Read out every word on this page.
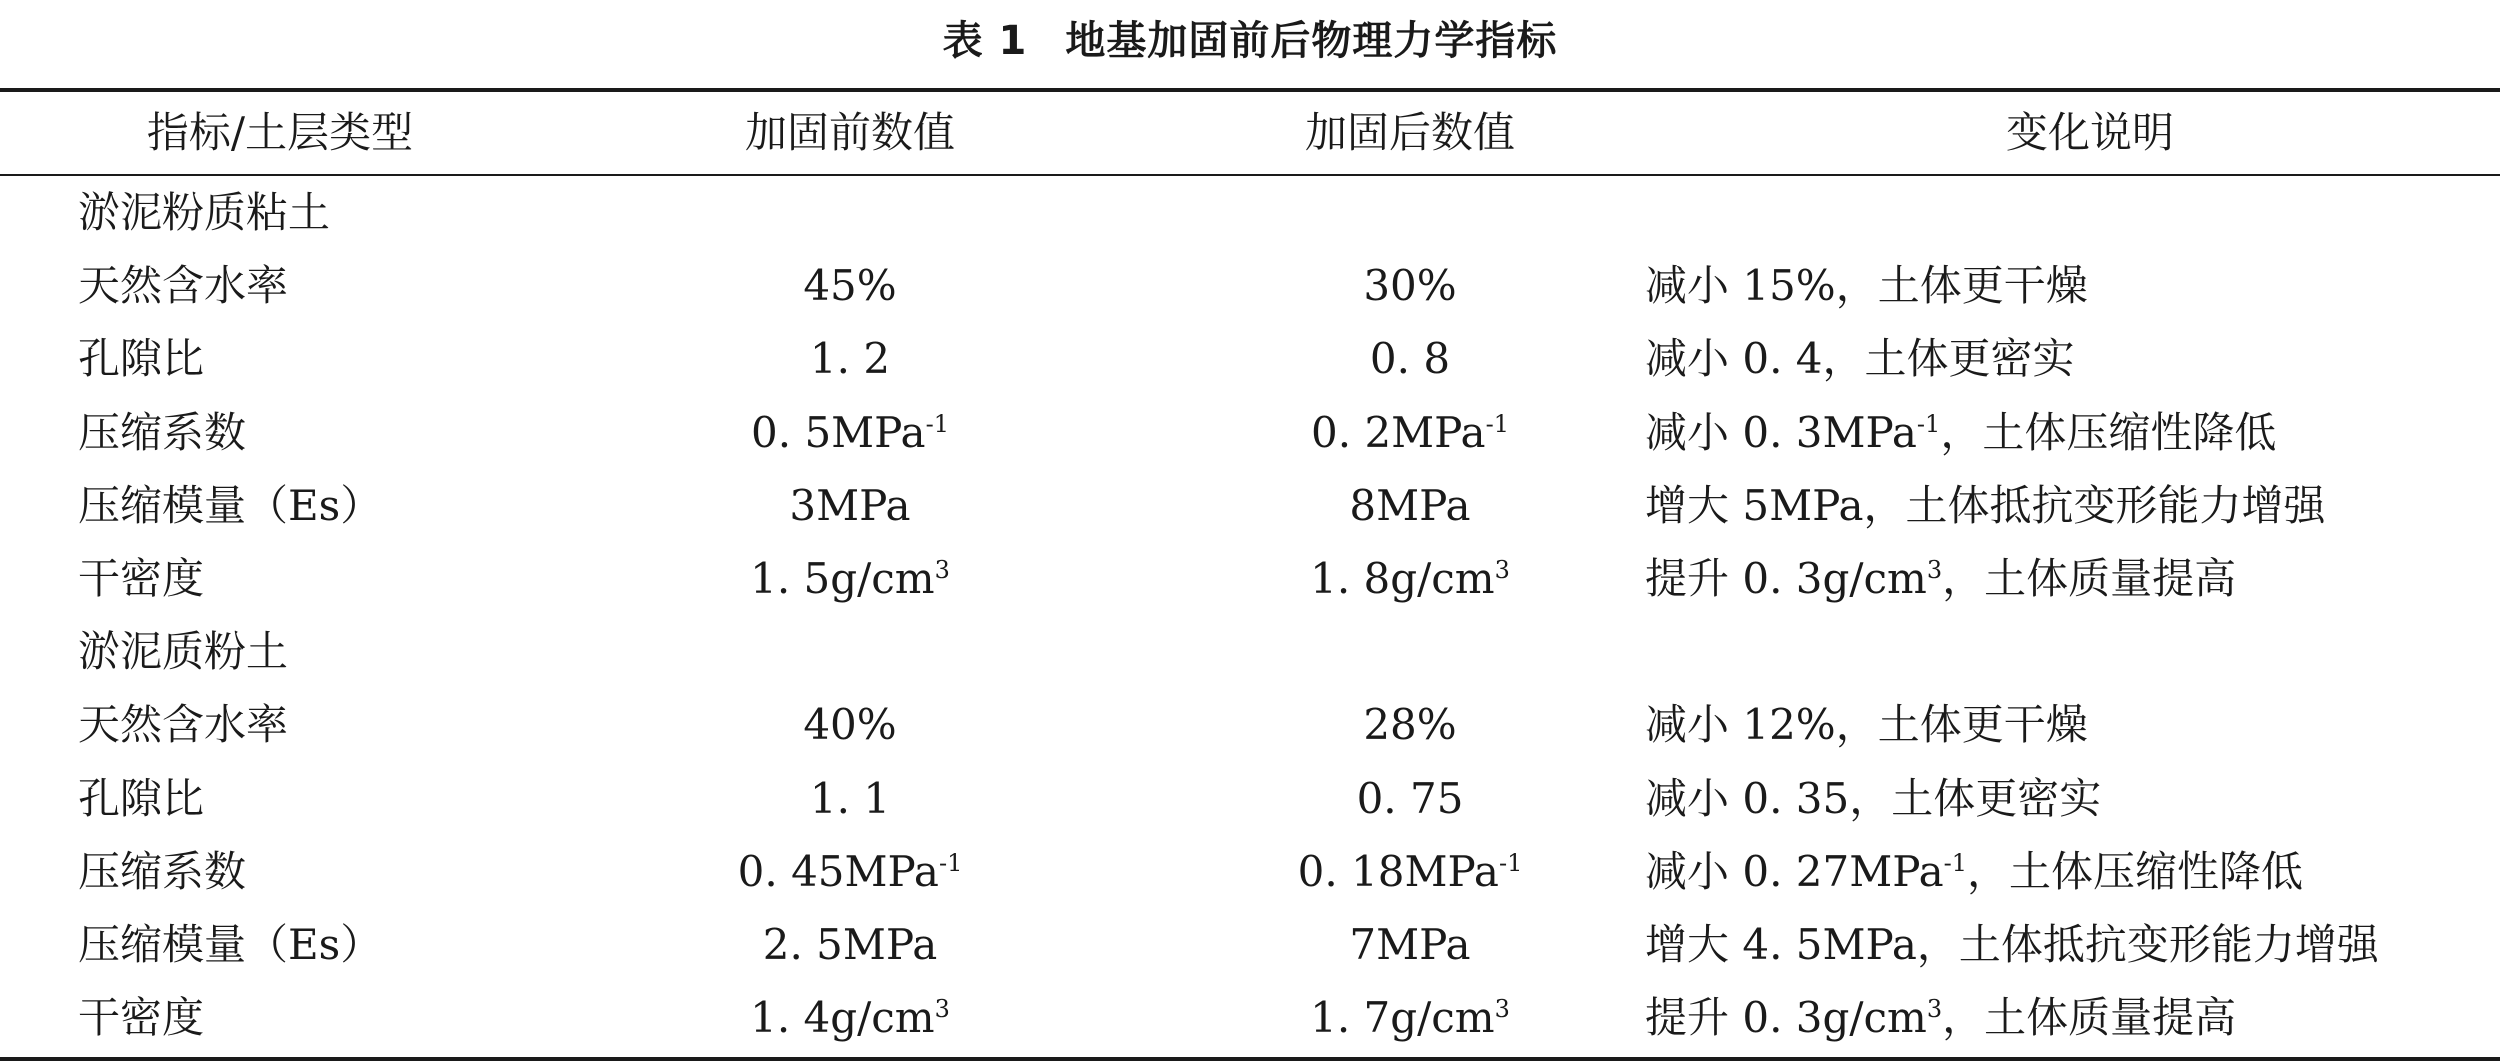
表 1 地基加固前后物理力学指标
指标/土层类型	加固前数值	加固后数值	变化说明
淤泥粉质粘土
天然含水率	45%	30%	减小 15%，土体更干燥
孔隙比	1. 2	0. 8	减小 0. 4，土体更密实
压缩系数	0. 5MPa$^{-1}$	0. 2MPa$^{-1}$	减小 0. 3MPa$^{-1}$，土体压缩性降低
压缩模量（Es）	3MPa	8MPa	增大 5MPa，土体抵抗变形能力增强
干密度	1. $5g/cm^3$	1. $8g/cm^3$	提升 0. $3g/cm^3$，土体质量提高
淤泥质粉土
天然含水率	40%	28%	减小 12%，土体更干燥
孔隙比	1. 1	0. 75	减小 0. 35，土体更密实
压缩系数	0. 45MPa$^{-1}$	0. 18MPa$^{-1}$	减小 0. 27MPa$^{-1}$，土体压缩性降低
压缩模量（Es）	2. 5MPa	7MPa	增大 4. 5MPa，土体抵抗变形能力增强
干密度	1. $4g/cm^3$	1. $7g/cm^3$	提升 0. $3g/cm^3$，土体质量提高
